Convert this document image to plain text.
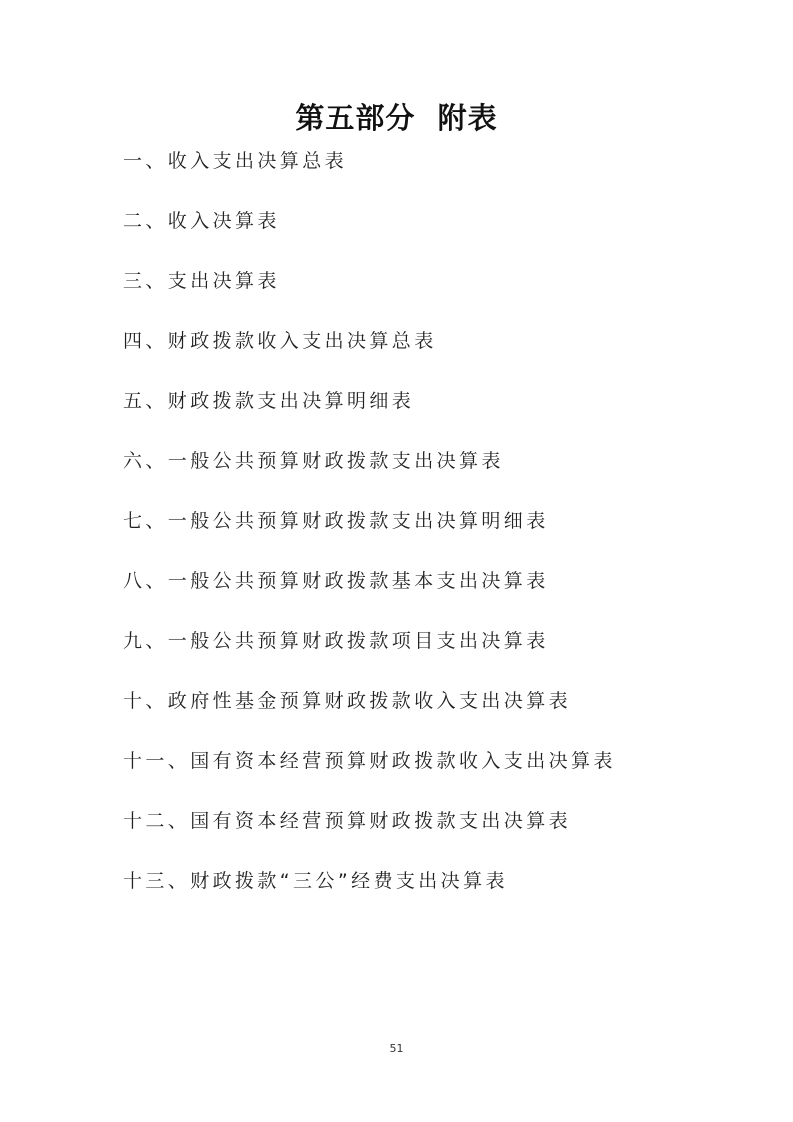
第五部分  附表
一、收入支出决算总表
二、收入决算表
三、支出决算表
四、财政拨款收入支出决算总表
五、财政拨款支出决算明细表
六、一般公共预算财政拨款支出决算表
七、一般公共预算财政拨款支出决算明细表
八、一般公共预算财政拨款基本支出决算表
九、一般公共预算财政拨款项目支出决算表
十、政府性基金预算财政拨款收入支出决算表
十一、国有资本经营预算财政拨款收入支出决算表
十二、国有资本经营预算财政拨款支出决算表
十三、财政拨款“三公”经费支出决算表
51
